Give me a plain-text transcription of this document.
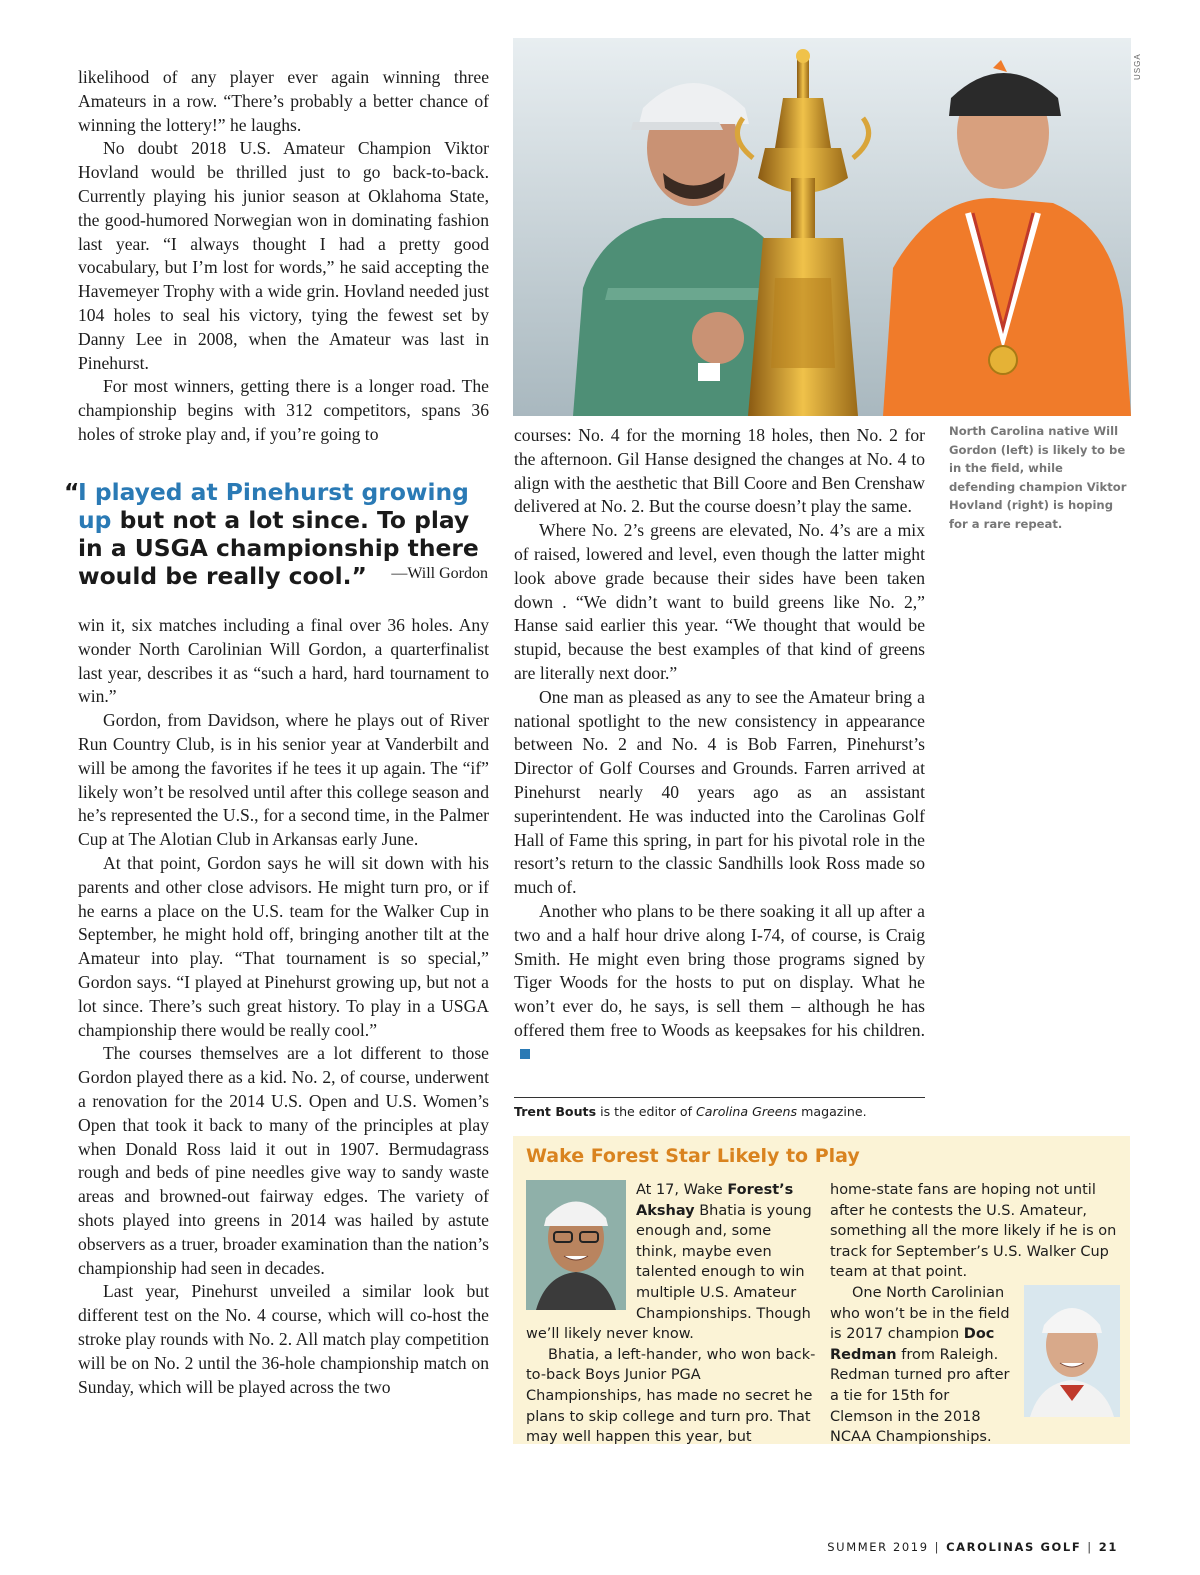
likelihood of any player ever again winning three Amateurs in a row. “There’s probably a better chance of winning the lottery!” he laughs.

No doubt 2018 U.S. Amateur Champion Viktor Hovland would be thrilled just to go back-to-back. Currently playing his junior season at Oklahoma State, the good-humored Norwegian won in dominating fashion last year. “I always thought I had a pretty good vocabulary, but I’m lost for words,” he said accepting the Havemeyer Trophy with a wide grin. Hovland needed just 104 holes to seal his victory, tying the fewest set by Danny Lee in 2008, when the Amateur was last in Pinehurst.

For most winners, getting there is a longer road. The championship begins with 312 competitors, spans 36 holes of stroke play and, if you’re going to

“
I played at Pinehurst growing up but not a lot since. To play in a USGA championship there would be really cool.”	—Will Gordon

win it, six matches including a final over 36 holes. Any wonder North Carolinian Will Gordon, a quarterfinalist last year, describes it as “such a hard, hard tournament to win.”

Gordon, from Davidson, where he plays out of River Run Country Club, is in his senior year at Vanderbilt and will be among the favorites if he tees it up again. The “if” likely won’t be resolved until after this college season and he’s represented the U.S., for a second time, in the Palmer Cup at The Alotian Club in Arkansas early June.

At that point, Gordon says he will sit down with his parents and other close advisors. He might turn pro, or if he earns a place on the U.S. team for the Walker Cup in September, he might hold off, bringing another tilt at the Amateur into play. “That tournament is so special,” Gordon says. “I played at Pinehurst growing up, but not a lot since. There’s such great history. To play in a USGA championship there would be really cool.”

The courses themselves are a lot different to those Gordon played there as a kid. No. 2, of course, underwent a renovation for the 2014 U.S. Open and U.S. Women’s Open that took it back to many of the principles at play when Donald Ross laid it out in 1907. Bermudagrass rough and beds of pine needles give way to sandy waste areas and browned-out fairway edges. The variety of shots played into greens in 2014 was hailed by astute observers as a truer, broader examination than the nation’s championship had seen in decades.

Last year, Pinehurst unveiled a similar look but different test on the No. 4 course, which will co-host the stroke play rounds with No. 2. All match play competition will be on No. 2 until the 36-hole championship match on Sunday, which will be played across the two

USGA
North Carolina native Will Gordon (left) is likely to be in the field, while defending champion Viktor Hovland (right) is hoping for a rare repeat.

courses: No. 4 for the morning 18 holes, then No. 2 for the afternoon. Gil Hanse designed the changes at No. 4 to align with the aesthetic that Bill Coore and Ben Crenshaw delivered at No. 2. But the course doesn’t play the same.

Where No. 2’s greens are elevated, No. 4’s are a mix of raised, lowered and level, even though the latter might look above grade because their sides have been taken down . “We didn’t want to build greens like No. 2,” Hanse said earlier this year. “We thought that would be stupid, because the best examples of that kind of greens are literally next door.”

One man as pleased as any to see the Amateur bring a national spotlight to the new consistency in appearance between No. 2 and No. 4 is Bob Farren, Pinehurst’s Director of Golf Courses and Grounds. Farren arrived at Pinehurst nearly 40 years ago as an assistant superintendent. He was inducted into the Carolinas Golf Hall of Fame this spring, in part for his pivotal role in the resort’s return to the classic Sandhills look Ross made so much of.

Another who plans to be there soaking it all up after a two and a half hour drive along I-74, of course, is Craig Smith. He might even bring those programs signed by Tiger Woods for the hosts to put on display. What he won’t ever do, he says, is sell them – although he has offered them free to Woods as keepsakes for his children.

Trent Bouts is the editor of Carolina Greens magazine.
Wake Forest Star Likely to Play

At 17, Wake Forest’s Akshay Bhatia is young enough and, some think, maybe even talented enough to win multiple U.S. Amateur Championships. Though we’ll likely never know.

Bhatia, a left-hander, who won back-to-back Boys Junior PGA Championships, has made no secret he plans to skip college and turn pro. That may well happen this year, but

home-state fans are hoping not until after he contests the U.S. Amateur, something all the more likely if he is on track for September’s U.S. Walker Cup team at that point.

One North Carolinian who won’t be in the field is 2017 champion Doc Redman from Raleigh. Redman turned pro after a tie for 15th for Clemson in the 2018 NCAA Championships.

SUMMER 2019 | CAROLINAS GOLF | 21
